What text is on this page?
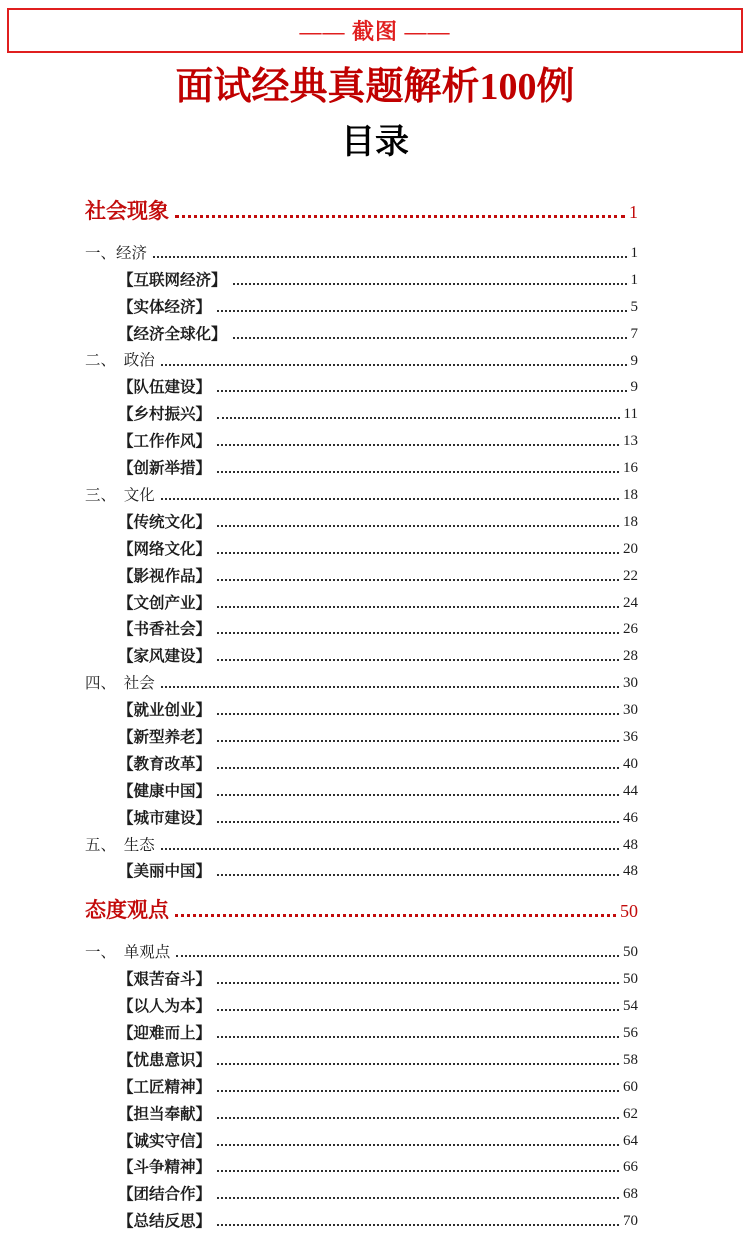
—— 截图 ——
面试经典真题解析100例
目录
社会现象	1
一、经济	1
【互联网经济】	1
【实体经济】	5
【经济全球化】	7
二、  政治	9
【队伍建设】	9
【乡村振兴】	11
【工作作风】	13
【创新举措】	16
三、  文化	18
【传统文化】	18
【网络文化】	20
【影视作品】	22
【文创产业】	24
【书香社会】	26
【家风建设】	28
四、  社会	30
【就业创业】	30
【新型养老】	36
【教育改革】	40
【健康中国】	44
【城市建设】	46
五、  生态	48
【美丽中国】	48
态度观点	50
一、  单观点	50
【艰苦奋斗】	50
【以人为本】	54
【迎难而上】	56
【忧患意识】	58
【工匠精神】	60
【担当奉献】	62
【诚实守信】	64
【斗争精神】	66
【团结合作】	68
【总结反思】	70
